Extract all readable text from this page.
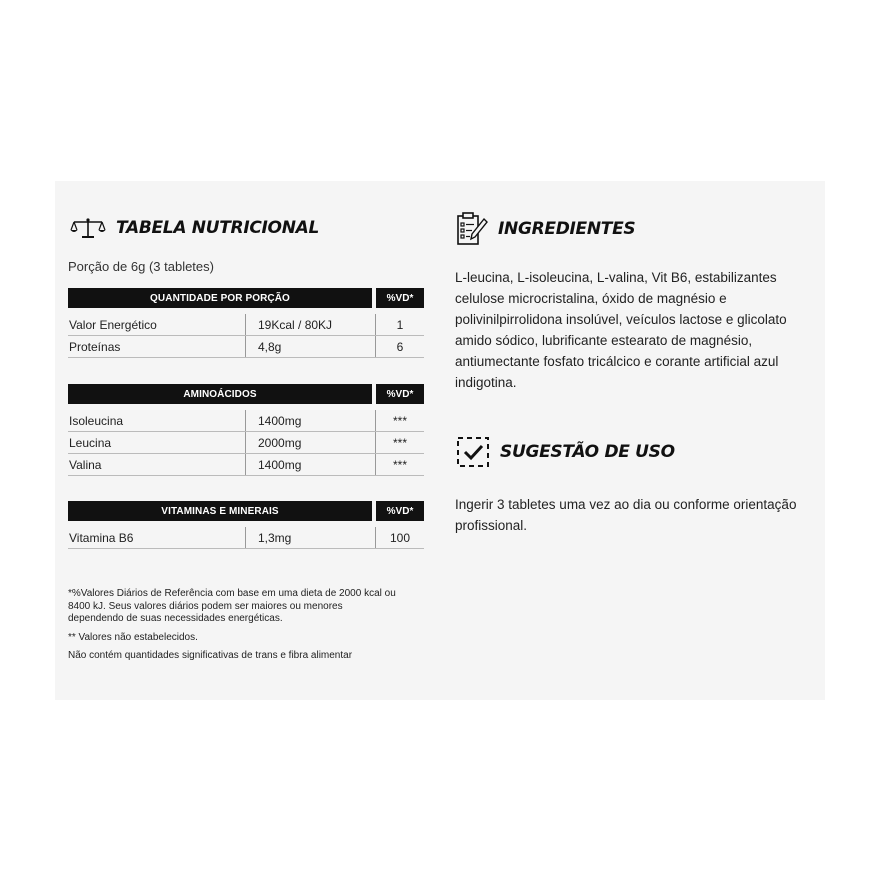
TABELA NUTRICIONAL
Porção de 6g (3 tabletes)
QUANTIDADE POR PORÇÃO	%VD*
Valor Energético	19Kcal / 80KJ	1
Proteínas	4,8g	6
AMINOÁCIDOS	%VD*
Isoleucina	1400mg	***
Leucina	2000mg	***
Valina	1400mg	***
VITAMINAS E MINERAIS	%VD*
Vitamina B6	1,3mg	100

*%Valores Diários de Referência com base em uma dieta de 2000 kcal ou 8400 kJ. Seus valores diários podem ser maiores ou menores dependendo de suas necessidades energéticas.

** Valores não estabelecidos.

Não contém quantidades significativas de trans e fibra alimentar

INGREDIENTES
L-leucina, L-isoleucina, L-valina, Vit B6, estabilizantes celulose microcristalina, óxido de magnésio e polivinilpirrolidona insolúvel, veículos lactose e glicolato amido sódico, lubrificante estearato de magnésio, antiumectante fosfato tricálcico e corante artificial azul indigotina.
SUGESTÃO DE USO
Ingerir 3 tabletes uma vez ao dia ou conforme orientação profissional.
